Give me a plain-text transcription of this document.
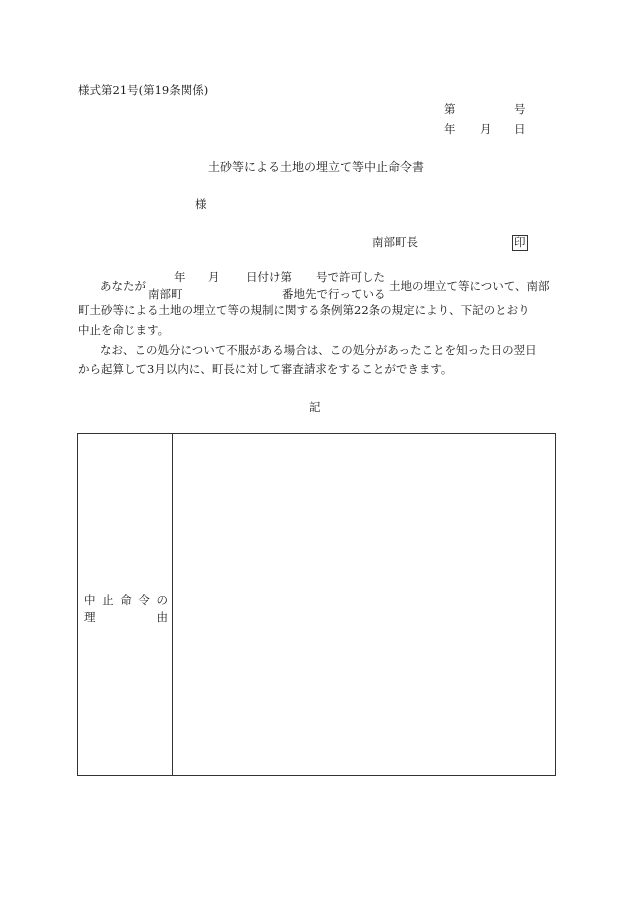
様式第21号(第19条関係)
第	号
年 月 日
土砂等による土地の埋立て等中止命令書
様
南部町長	印
あなたが
年 月 日付け第 号で許可した
南部町	番地先で行っている
土地の埋立て等について、南部
町土砂等による土地の埋立て等の規制に関する条例第22条の規定により、下記のとおり
中止を命じます。
なお、この処分について不服がある場合は、この処分があったことを知った日の翌日
から起算して3月以内に、町長に対して審査請求をすることができます。
記
中 止 命 令 の
理	由
